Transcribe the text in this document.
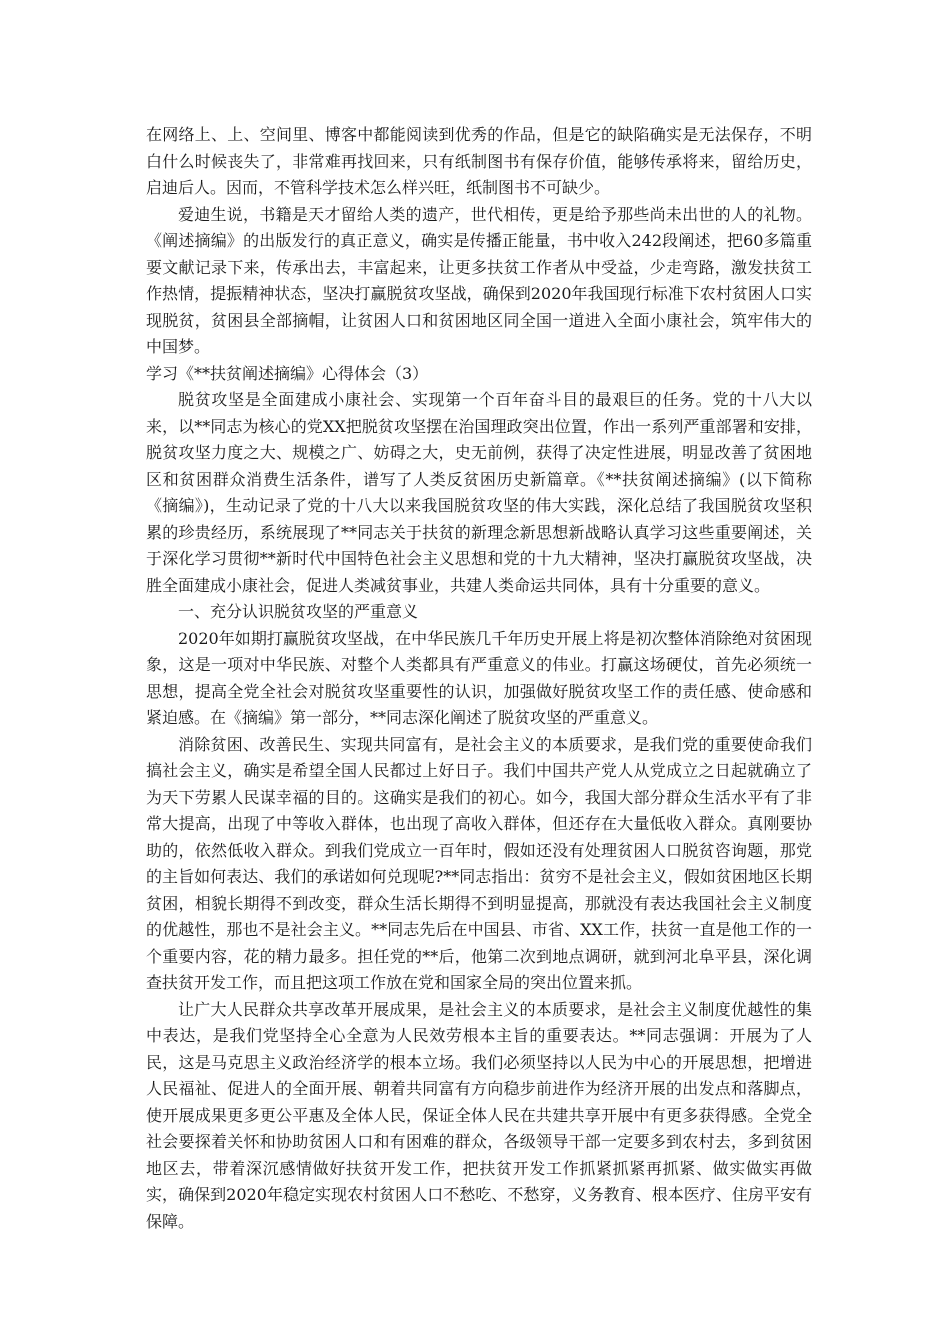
在网络上、上、空间里、博客中都能阅读到优秀的作品，但是它的缺陷确实是无法保存，不明白什么时候丧失了，非常难再找回来，只有纸制图书有保存价值，能够传承将来，留给历史，启迪后人。因而，不管科学技术怎么样兴旺，纸制图书不可缺少。

爱迪生说，书籍是天才留给人类的遗产，世代相传，更是给予那些尚未出世的人的礼物。《阐述摘编》的出版发行的真正意义，确实是传播正能量，书中收入242段阐述，把60多篇重要文献记录下来，传承出去，丰富起来，让更多扶贫工作者从中受益，少走弯路，激发扶贫工作热情，提振精神状态，坚决打赢脱贫攻坚战，确保到2020年我国现行标准下农村贫困人口实现脱贫，贫困县全部摘帽，让贫困人口和贫困地区同全国一道进入全面小康社会，筑牢伟大的中国梦。

学习《**扶贫阐述摘编》心得体会（3）

脱贫攻坚是全面建成小康社会、实现第一个百年奋斗目的最艰巨的任务。党的十八大以来，以**同志为核心的党XX把脱贫攻坚摆在治国理政突出位置，作出一系列严重部署和安排，脱贫攻坚力度之大、规模之广、妨碍之大，史无前例，获得了决定性进展，明显改善了贫困地区和贫困群众消费生活条件，谱写了人类反贫困历史新篇章。《**扶贫阐述摘编》(以下简称《摘编》)，生动记录了党的十八大以来我国脱贫攻坚的伟大实践，深化总结了我国脱贫攻坚积累的珍贵经历，系统展现了**同志关于扶贫的新理念新思想新战略认真学习这些重要阐述，关于深化学习贯彻**新时代中国特色社会主义思想和党的十九大精神，坚决打赢脱贫攻坚战，决胜全面建成小康社会，促进人类减贫事业，共建人类命运共同体，具有十分重要的意义。

一、充分认识脱贫攻坚的严重意义

2020年如期打赢脱贫攻坚战，在中华民族几千年历史开展上将是初次整体消除绝对贫困现象，这是一项对中华民族、对整个人类都具有严重意义的伟业。打赢这场硬仗，首先必须统一思想，提高全党全社会对脱贫攻坚重要性的认识，加强做好脱贫攻坚工作的责任感、使命感和紧迫感。在《摘编》第一部分，**同志深化阐述了脱贫攻坚的严重意义。

消除贫困、改善民生、实现共同富有，是社会主义的本质要求，是我们党的重要使命我们搞社会主义，确实是希望全国人民都过上好日子。我们中国共产党人从党成立之日起就确立了为天下劳累人民谋幸福的目的。这确实是我们的初心。如今，我国大部分群众生活水平有了非常大提高，出现了中等收入群体，也出现了高收入群体，但还存在大量低收入群众。真刚要协助的，依然低收入群众。到我们党成立一百年时，假如还没有处理贫困人口脱贫咨询题，那党的主旨如何表达、我们的承诺如何兑现呢?**同志指出：贫穷不是社会主义，假如贫困地区长期贫困，相貌长期得不到改变，群众生活长期得不到明显提高，那就没有表达我国社会主义制度的优越性，那也不是社会主义。**同志先后在中国县、市省、XX工作，扶贫一直是他工作的一个重要内容，花的精力最多。担任党的**后，他第二次到地点调研，就到河北阜平县，深化调查扶贫开发工作，而且把这项工作放在党和国家全局的突出位置来抓。

让广大人民群众共享改革开展成果，是社会主义的本质要求，是社会主义制度优越性的集中表达，是我们党坚持全心全意为人民效劳根本主旨的重要表达。**同志强调：开展为了人民，这是马克思主义政治经济学的根本立场。我们必须坚持以人民为中心的开展思想，把增进人民福祉、促进人的全面开展、朝着共同富有方向稳步前进作为经济开展的出发点和落脚点，使开展成果更多更公平惠及全体人民，保证全体人民在共建共享开展中有更多获得感。全党全社会要探着关怀和协助贫困人口和有困难的群众，各级领导干部一定要多到农村去，多到贫困地区去，带着深沉感情做好扶贫开发工作，把扶贫开发工作抓紧抓紧再抓紧、做实做实再做实，确保到2020年稳定实现农村贫困人口不愁吃、不愁穿，义务教育、根本医疗、住房平安有保障。
